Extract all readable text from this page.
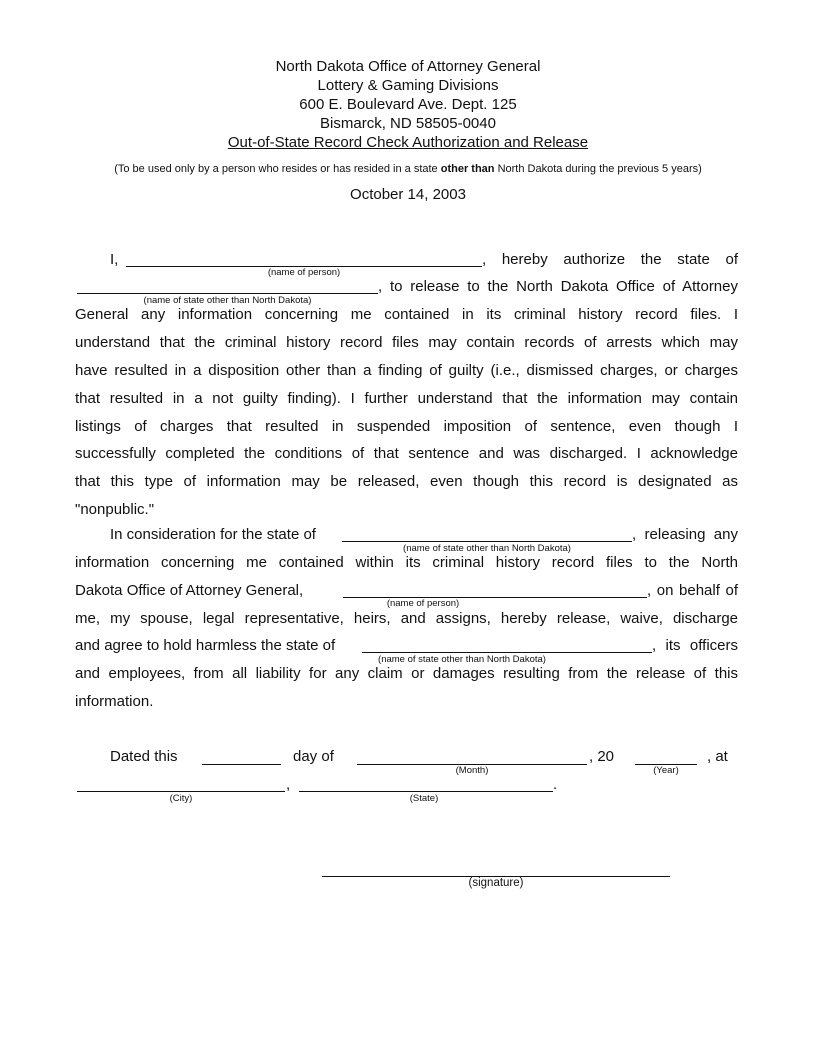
North Dakota Office of Attorney General
Lottery & Gaming Divisions
600 E. Boulevard Ave. Dept. 125
Bismarck, ND 58505-0040
Out-of-State Record Check Authorization and Release
(To be used only by a person who resides or has resided in a state other than North Dakota during the previous 5 years)
October 14, 2003
I,
(name of person)
, hereby authorize the state of
(name of state other than North Dakota)
, to release to the North Dakota Office of Attorney
General any information concerning me contained in its criminal history record files. I
understand that the criminal history record files may contain records of arrests which may
have resulted in a disposition other than a finding of guilty (i.e., dismissed charges, or charges
that resulted in a not guilty finding). I further understand that the information may contain
listings of charges that resulted in suspended imposition of sentence, even though I
successfully completed the conditions of that sentence and was discharged. I acknowledge
that this type of information may be released, even though this record is designated as
"nonpublic."
In consideration for the state of
(name of state other than North Dakota)
, releasing any
information concerning me contained within its criminal history record files to the North
Dakota Office of Attorney General,
(name of person)
, on behalf of
me, my spouse, legal representative, heirs, and assigns, hereby release, waive, discharge
and agree to hold harmless the state of
(name of state other than North Dakota)
, its officers
and employees, from all liability for any claim or damages resulting from the release of this
information.
Dated this	day of
(Month)
, 20
(Year)
, at
(City)
,
(State)
.
(signature)
